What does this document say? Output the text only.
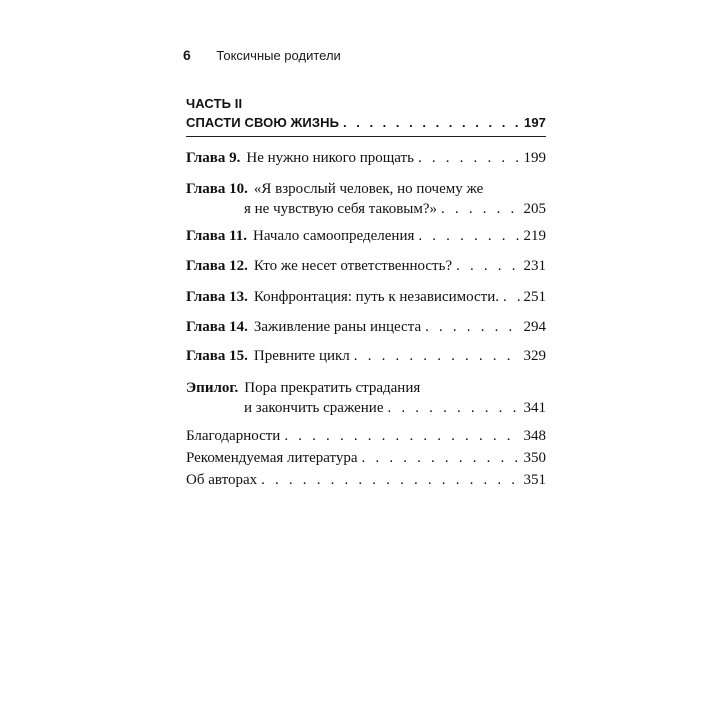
6 Токсичные родители
ЧАСТЬ II
СПАСТИ СВОЮ ЖИЗНЬ . . .	197
Глава 9. Не нужно никого прощать . . .	199
Глава 10. «Я взрослый человек, но почему же
я не чувствую себя таковым?» . . .	205
Глава 11. Начало самоопределения . . .	219
Глава 12. Кто же несет ответственность? . . .	231
Глава 13. Конфронтация: путь к независимости. . . . 251
Глава 14. Заживление раны инцеста . . .	294
Глава 15. Превните цикл . . .	329
Эпилог. Пора прекратить страдания
и закончить сражение . . .	341
Благодарности . . .	348
Рекомендуемая литература . . .	350
Об авторах . . .	351
